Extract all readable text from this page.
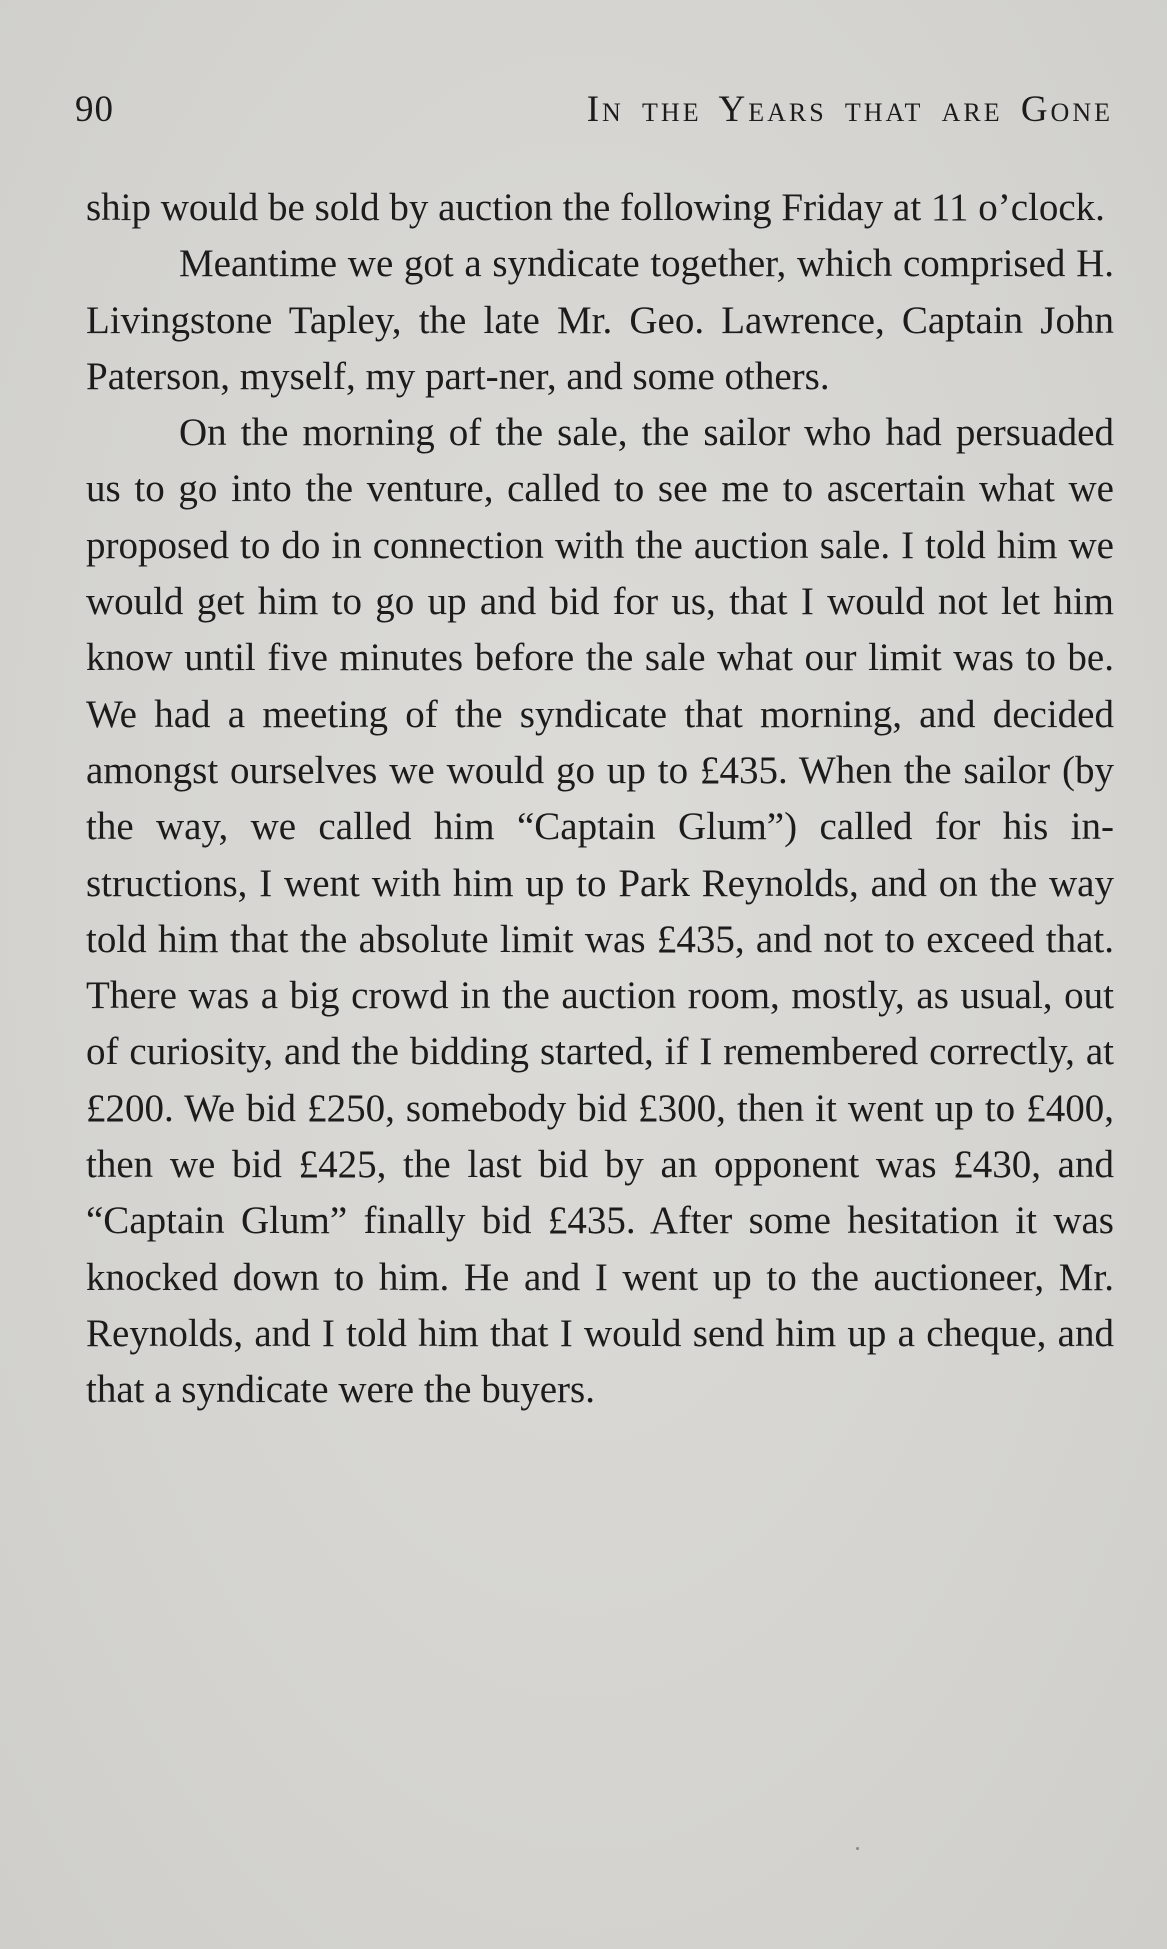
90	In the Years that are Gone

ship would be sold by auction the following Friday at 11 o’clock.

Meantime we got a syndicate together, which comprised H. Livingstone Tapley, the late Mr. Geo. Lawrence, Captain John Paterson, myself, my part-ner, and some others.

On the morning of the sale, the sailor who had persuaded us to go into the venture, called to see me to ascertain what we proposed to do in connection with the auction sale. I told him we would get him to go up and bid for us, that I would not let him know until five minutes before the sale what our limit was to be. We had a meeting of the syndicate that morning, and decided amongst ourselves we would go up to £435. When the sailor (by the way, we called him “Captain Glum”) called for his in-structions, I went with him up to Park Reynolds, and on the way told him that the absolute limit was £435, and not to exceed that. There was a big crowd in the auction room, mostly, as usual, out of curiosity, and the bidding started, if I remembered correctly, at £200. We bid £250, somebody bid £300, then it went up to £400, then we bid £425, the last bid by an opponent was £430, and “Captain Glum” finally bid £435. After some hesitation it was knocked down to him. He and I went up to the auctioneer, Mr. Reynolds, and I told him that I would send him up a cheque, and that a syndicate were the buyers.
